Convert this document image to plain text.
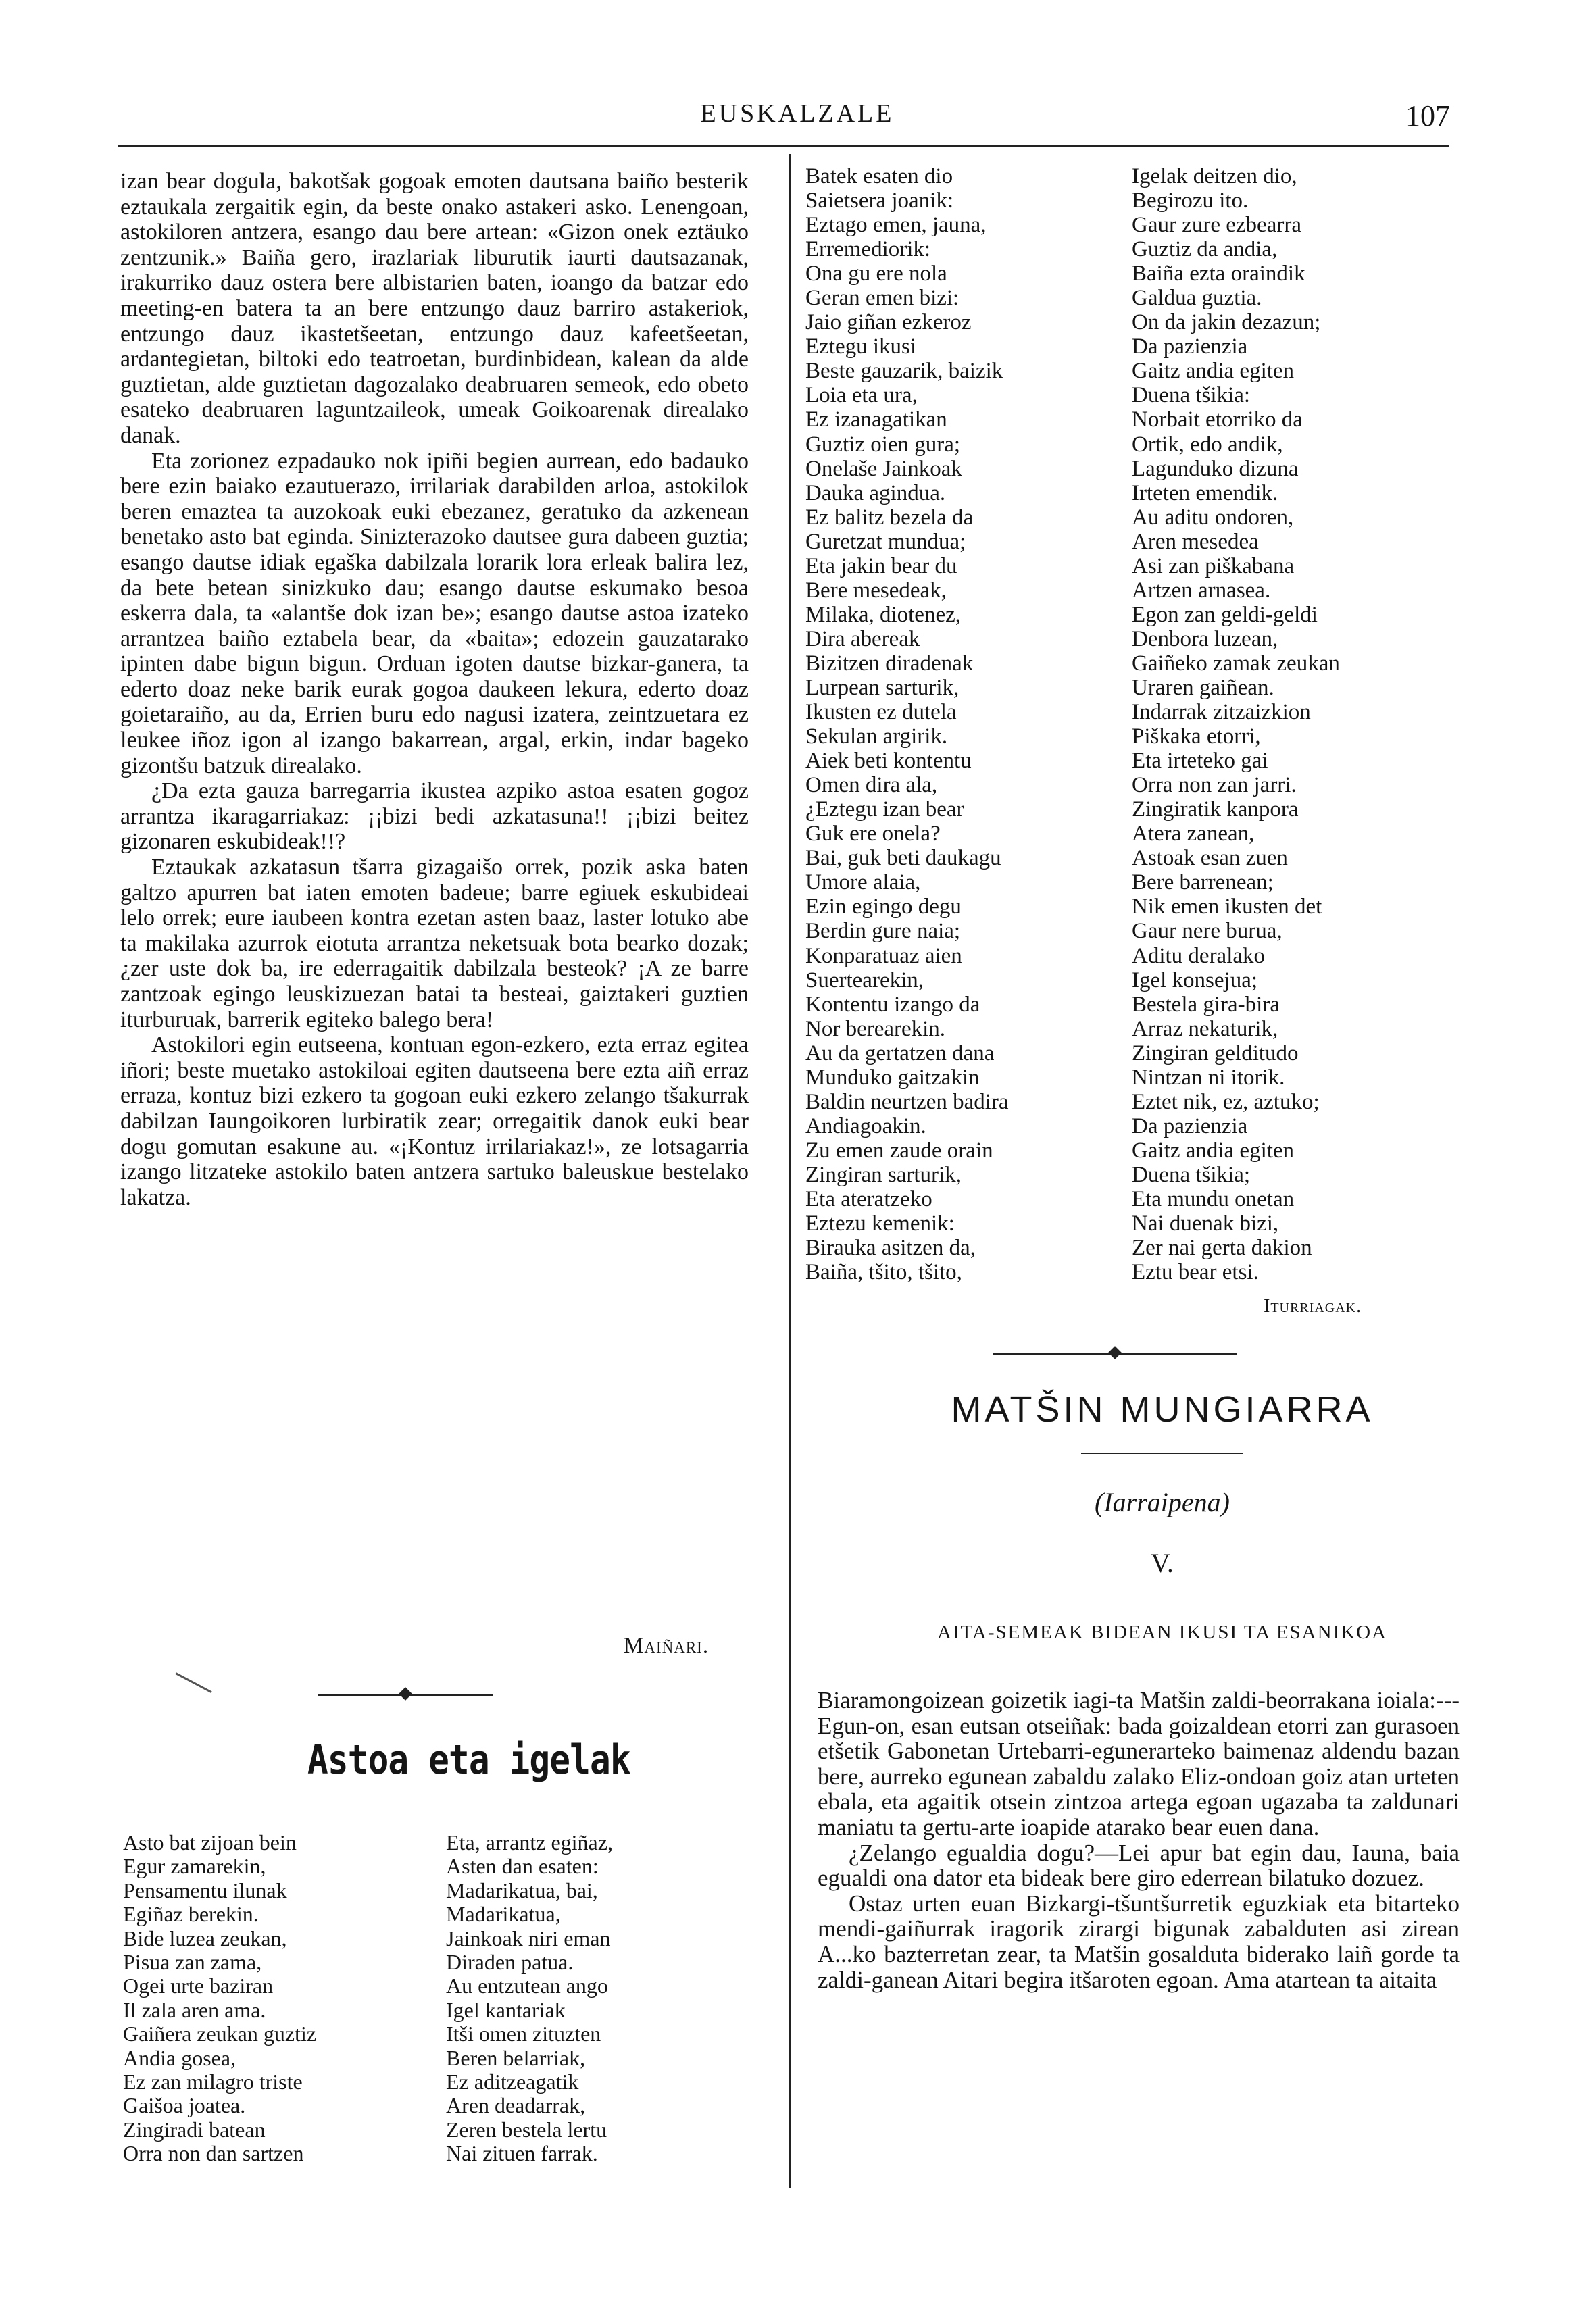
EUSKALZALE	107

izan bear dogula, bakotšak gogoak emoten dautsana baiño besterik eztaukala zergaitik egin, da beste onako astakeri asko. Lenengoan, astokiloren antzera, esango dau bere artean: «Gizon onek eztäuko zentzunik.» Baiña gero, irazlariak liburutik iaurti dautsazanak, irakurriko dauz ostera bere albistarien baten, ioango da batzar edo meeting-en batera ta an bere entzungo dauz barriro astakeriok, entzungo dauz ikastetšeetan, entzungo dauz kafeetšeetan, ardantegietan, biltoki edo teatroetan, burdinbidean, kalean da alde guztietan, alde guztietan dagozalako deabruaren semeok, edo obeto esateko deabruaren laguntzaileok, umeak Goikoarenak direalako danak.

Eta zorionez ezpadauko nok ipiñi begien aurrean, edo badauko bere ezin baiako ezautuerazo, irrilariak darabilden arloa, astokilok beren emaztea ta auzokoak euki ebezanez, geratuko da azkenean benetako asto bat eginda. Sinizterazoko dautsee gura dabeen guztia; esango dautse idiak egaška dabilzala lorarik lora erleak balira lez, da bete betean sinizkuko dau; esango dautse eskumako besoa eskerra dala, ta «alantše dok izan be»; esango dautse astoa izateko arrantzea baiño eztabela bear, da «baita»; edozein gauzatarako ipinten dabe bigun bigun. Orduan igoten dautse bizkar-ganera, ta ederto doaz neke barik eurak gogoa daukeen lekura, ederto doaz goietaraiño, au da, Errien buru edo nagusi izatera, zeintzuetara ez leukee iñoz igon al izango bakarrean, argal, erkin, indar bageko gizontšu batzuk direalako.

¿Da ezta gauza barregarria ikustea azpiko astoa esaten gogoz arrantza ikaragarriakaz: ¡¡bizi bedi azkatasuna!! ¡¡bizi beitez gizonaren eskubideak!!?

Eztaukak azkatasun tšarra gizagaišo orrek, pozik aska baten galtzo apurren bat iaten emoten badeue; barre egiuek eskubideai lelo orrek; eure iaubeen kontra ezetan asten baaz, laster lotuko abe ta makilaka azurrok eiotuta arrantza neketsuak bota bearko dozak; ¿zer uste dok ba, ire ederragaitik dabilzala besteok? ¡A ze barre zantzoak egingo leuskizuezan batai ta besteai, gaiztakeri guztien iturburuak, barrerik egiteko balego bera!

Astokilori egin eutseena, kontuan egon-ezkero, ezta erraz egitea iñori; beste muetako astokiloai egiten dautseena bere ezta aiñ erraz erraza, kontuz bizi ezkero ta gogoan euki ezkero zelango tšakurrak dabilzan Iaungoikoren lurbiratik zear; orregaitik danok euki bear dogu gomutan esakune au. «¡Kontuz irrilariakaz!», ze lotsagarria izango litzateke astokilo baten antzera sartuko baleuskue bestelako lakatza.

Maiñari.
Astoa eta igelak
Asto bat zijoan bein
Egur zamarekin,
Pensamentu ilunak
Egiñaz berekin.
Bide luzea zeukan,
Pisua zan zama,
Ogei urte baziran
Il zala aren ama.
Gaiñera zeukan guztiz
Andia gosea,
Ez zan milagro triste
Gaišoa joatea.
Zingiradi batean
Orra non dan sartzen
Eta, arrantz egiñaz,
Asten dan esaten:
Madarikatua, bai,
Madarikatua,
Jainkoak niri eman
Diraden patua.
Au entzutean ango
Igel kantariak
Itši omen zituzten
Beren belarriak,
Ez aditzeagatik
Aren deadarrak,
Zeren bestela lertu
Nai zituen farrak.
Batek esaten dio
Saietsera joanik:
Eztago emen, jauna,
Erremediorik:
Ona gu ere nola
Geran emen bizi:
Jaio giñan ezkeroz
Eztegu ikusi
Beste gauzarik, baizik
Loia eta ura,
Ez izanagatikan
Guztiz oien gura;
Onelaše Jainkoak
Dauka agindua.
Ez balitz bezela da
Guretzat mundua;
Eta jakin bear du
Bere mesedeak,
Milaka, diotenez,
Dira abereak
Bizitzen diradenak
Lurpean sarturik,
Ikusten ez dutela
Sekulan argirik.
Aiek beti kontentu
Omen dira ala,
¿Eztegu izan bear
Guk ere onela?
Bai, guk beti daukagu
Umore alaia,
Ezin egingo degu
Berdin gure naia;
Konparatuaz aien
Suertearekin,
Kontentu izango da
Nor berearekin.
Au da gertatzen dana
Munduko gaitzakin
Baldin neurtzen badira
Andiagoakin.
Zu emen zaude orain
Zingiran sarturik,
Eta ateratzeko
Eztezu kemenik:
Birauka asitzen da,
Baiña, tšito, tšito,
Igelak deitzen dio,
Begirozu ito.
Gaur zure ezbearra
Guztiz da andia,
Baiña ezta oraindik
Galdua guztia.
On da jakin dezazun;
Da pazienzia
Gaitz andia egiten
Duena tšikia:
Norbait etorriko da
Ortik, edo andik,
Lagunduko dizuna
Irteten emendik.
Au aditu ondoren,
Aren mesedea
Asi zan piškabana
Artzen arnasea.
Egon zan geldi-geldi
Denbora luzean,
Gaiñeko zamak zeukan
Uraren gaiñean.
Indarrak zitzaizkion
Piškaka etorri,
Eta irteteko gai
Orra non zan jarri.
Zingiratik kanpora
Atera zanean,
Astoak esan zuen
Bere barrenean;
Nik emen ikusten det
Gaur nere burua,
Aditu deralako
Igel konsejua;
Bestela gira-bira
Arraz nekaturik,
Zingiran gelditudo
Nintzan ni itorik.
Eztet nik, ez, aztuko;
Da pazienzia
Gaitz andia egiten
Duena tšikia;
Eta mundu onetan
Nai duenak bizi,
Zer nai gerta dakion
Eztu bear etsi.
Iturriagak.
MATŠIN MUNGIARRA
(Iarraipena)
V.
AITA-SEMEAK BIDEAN IKUSI TA ESANIKOA

Biaramongoizean goizetik iagi-ta Matšin zaldi-beorrakana ioiala:---Egun-on, esan eutsan otseiñak: bada goizaldean etorri zan gurasoen etšetik Gabonetan Urtebarri-egunerarteko baimenaz aldendu bazan bere, aurreko egunean zabaldu zalako Eliz-ondoan goiz atan urteten ebala, eta agaitik otsein zintzoa artega egoan ugazaba ta zaldunari maniatu ta gertu-arte ioapide atarako bear euen dana.

¿Zelango egualdia dogu?—Lei apur bat egin dau, Iauna, baia egualdi ona dator eta bideak bere giro ederrean bilatuko dozuez.

Ostaz urten euan Bizkargi-tšuntšurretik eguzkiak eta bitarteko mendi-gaiñurrak iragorik zirargi bigunak zabalduten asi zirean A...ko bazterretan zear, ta Matšin gosalduta biderako laiñ gorde ta zaldi-ganean Aitari begira itšaroten egoan. Ama atartean ta aitaita
